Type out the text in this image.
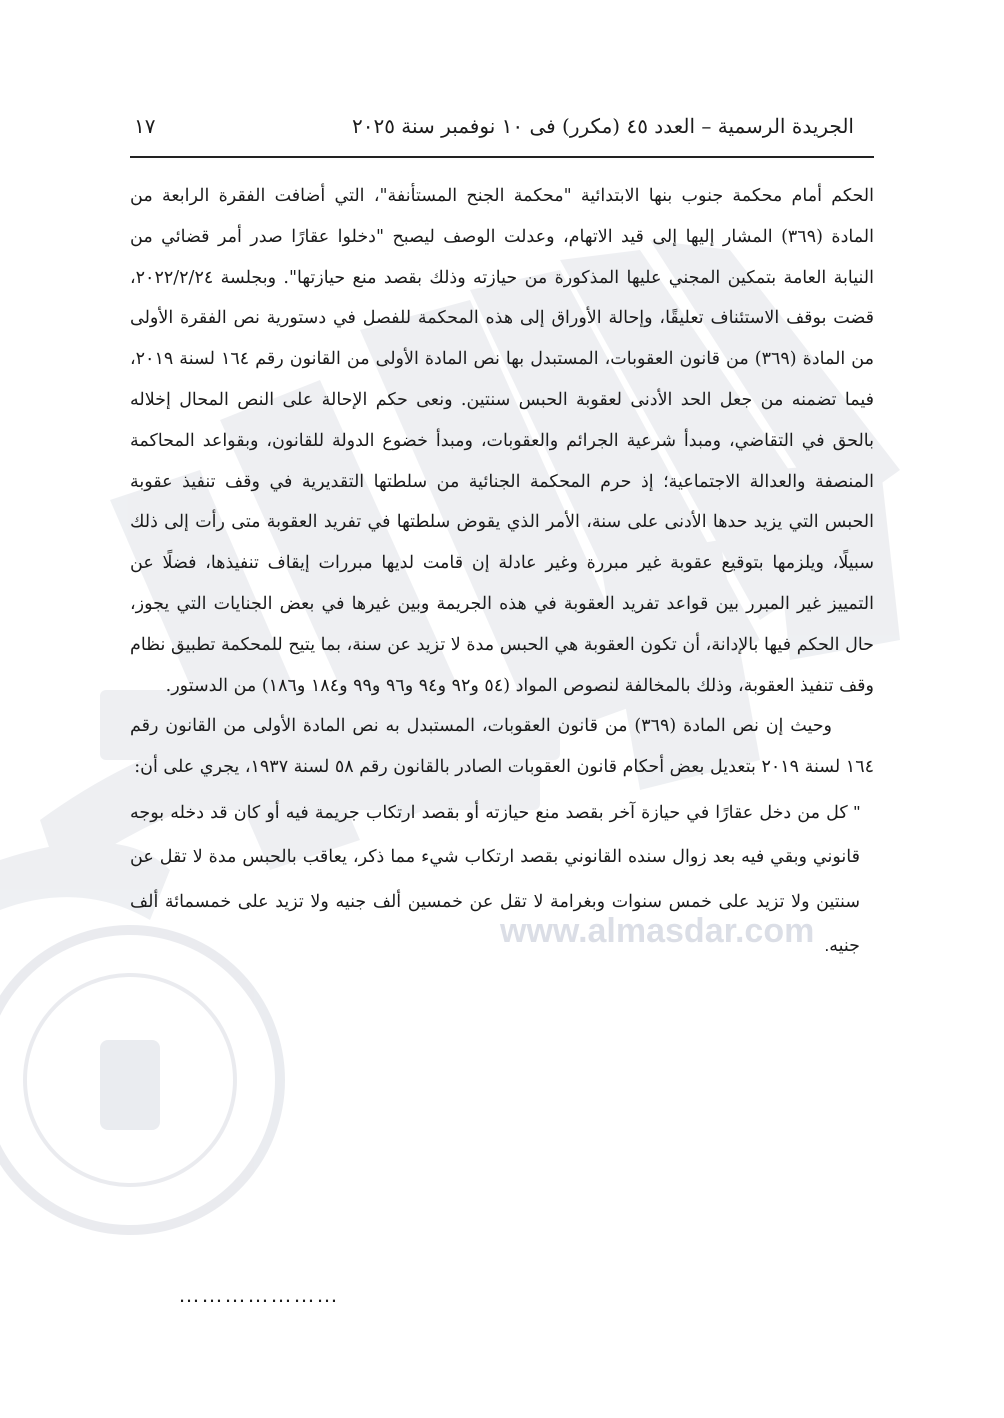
www.almasdar.com
الجريدة الرسمية – العدد ٤٥ (مكرر) فى ١٠ نوفمبر سنة ٢٠٢٥
١٧

الحكم أمام محكمة جنوب بنها الابتدائية "محكمة الجنح المستأنفة"، التي أضافت الفقرة الرابعة من المادة (٣٦٩) المشار إليها إلى قيد الاتهام، وعدلت الوصف ليصبح "دخلوا عقارًا صدر أمر قضائي من النيابة العامة بتمكين المجني عليها المذكورة من حيازته وذلك بقصد منع حيازتها". وبجلسة ٢٠٢٢/٢/٢٤، قضت بوقف الاستئناف تعليقًا، وإحالة الأوراق إلى هذه المحكمة للفصل في دستورية نص الفقرة الأولى من المادة (٣٦٩) من قانون العقوبات، المستبدل بها نص المادة الأولى من القانون رقم ١٦٤ لسنة ٢٠١٩، فيما تضمنه من جعل الحد الأدنى لعقوبة الحبس سنتين. ونعى حكم الإحالة على النص المحال إخلاله بالحق في التقاضي، ومبدأ شرعية الجرائم والعقوبات، ومبدأ خضوع الدولة للقانون، وبقواعد المحاكمة المنصفة والعدالة الاجتماعية؛ إذ حرم المحكمة الجنائية من سلطتها التقديرية في وقف تنفيذ عقوبة الحبس التي يزيد حدها الأدنى على سنة، الأمر الذي يقوض سلطتها في تفريد العقوبة متى رأت إلى ذلك سبيلًا، ويلزمها بتوقيع عقوبة غير مبررة وغير عادلة إن قامت لديها مبررات إيقاف تنفيذها، فضلًا عن التمييز غير المبرر بين قواعد تفريد العقوبة في هذه الجريمة وبين غيرها في بعض الجنايات التي يجوز، حال الحكم فيها بالإدانة، أن تكون العقوبة هي الحبس مدة لا تزيد عن سنة، بما يتيح للمحكمة تطبيق نظام وقف تنفيذ العقوبة، وذلك بالمخالفة لنصوص المواد (٥٤ و٩٢ و٩٤ و٩٦ و٩٩ و١٨٤ و١٨٦) من الدستور.

وحيث إن نص المادة (٣٦٩) من قانون العقوبات، المستبدل به نص المادة الأولى من القانون رقم ١٦٤ لسنة ٢٠١٩ بتعديل بعض أحكام قانون العقوبات الصادر بالقانون رقم ٥٨ لسنة ١٩٣٧، يجري على أن:

" كل من دخل عقارًا في حيازة آخر بقصد منع حيازته أو بقصد ارتكاب جريمة فيه أو كان قد دخله بوجه قانوني وبقي فيه بعد زوال سنده القانوني بقصد ارتكاب شيء مما ذكر، يعاقب بالحبس مدة لا تقل عن سنتين ولا تزيد على خمس سنوات وبغرامة لا تقل عن خمسين ألف جنيه ولا تزيد على خمسمائة ألف جنيه.
…………………
